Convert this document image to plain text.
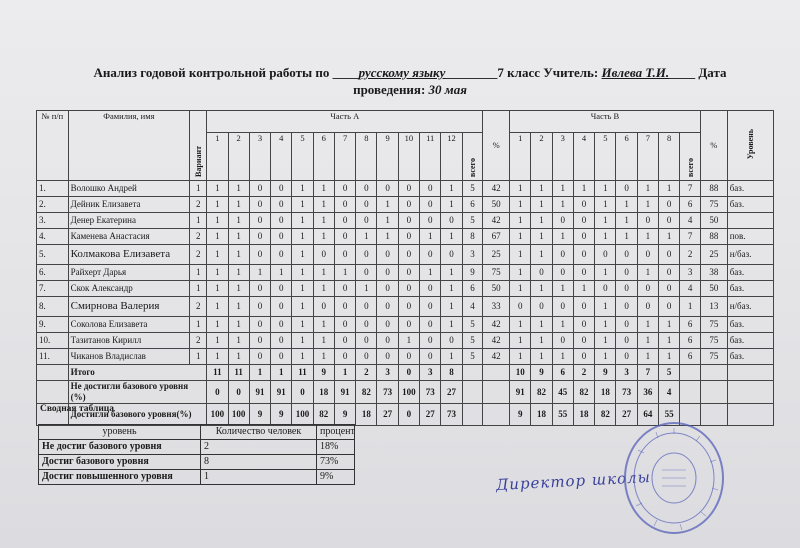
Анализ годовой контрольной работы по ____русскому языку________7 класс Учитель: Ивлева Т.И.____ Дата
проведения: 30 мая
№ п/п	Фамилия, имя	Вариант	Часть А													%	Часть В									%	Уровень
			1	2	3	4	5	6	7	8	9	10	11	12	всего		1	2	3	4	5	6	7	8	всего		
1.	Волошко Андрей	1	1	1	0	0	1	1	0	0	0	0	0	1	5	42	1	1	1	1	1	0	1	1	7	88	баз.
2.	Дейник Елизавета	2	1	1	0	0	1	1	0	0	1	0	0	1	6	50	1	1	1	0	1	1	1	0	6	75	баз.
3.	Денер Екатерина	1	1	1	0	0	1	1	0	0	1	0	0	0	5	42	1	1	0	0	1	1	0	0	4	50	
4.	Каменева Анастасия	2	1	1	0	0	1	1	0	1	1	0	1	1	8	67	1	1	1	0	1	1	1	1	7	88	пов.
5.	Колмакова Елизавета	2	1	1	0	0	1	0	0	0	0	0	0	0	3	25	1	1	0	0	0	0	0	0	2	25	н/баз.
6.	Райхерт Дарья	1	1	1	1	1	1	1	1	0	0	0	1	1	9	75	1	0	0	0	1	0	1	0	3	38	баз.
7.	Скок Александр	1	1	1	0	0	1	1	0	1	0	0	0	1	6	50	1	1	1	1	0	0	0	0	4	50	баз.
8.	Смирнова Валерия	2	1	1	0	0	1	0	0	0	0	0	0	1	4	33	0	0	0	0	1	0	0	0	1	13	н/баз.
9.	Соколова Елизавета	1	1	1	0	0	1	1	0	0	0	0	0	1	5	42	1	1	1	0	1	0	1	1	6	75	баз.
10.	Тазитанов Кирилл	2	1	1	0	0	1	1	0	0	0	1	0	0	5	42	1	1	0	0	1	0	1	1	6	75	баз.
11.	Чиканов Владислав	1	1	1	0	0	1	1	0	0	0	0	0	1	5	42	1	1	1	0	1	0	1	1	6	75	баз.
	Итого		11	11	1	1	11	9	1	2	3	0	3	8			10	9	6	2	9	3	7	5			
	Не достигли базового уровня (%)		0	0	91	91	0	18	91	82	73	100	73	27			91	82	45	82	18	73	36	4			
	Достигли базового уровня(%)		100	100	9	9	100	82	9	18	27	0	27	73			9	18	55	18	82	27	64	55			
Сводная таблица
уровень	Количество человек	процент
Не достиг базового уровня	2	18%
Достиг базового уровня	8	73%
Достиг повышенного уровня	1	9%	Директор школы
